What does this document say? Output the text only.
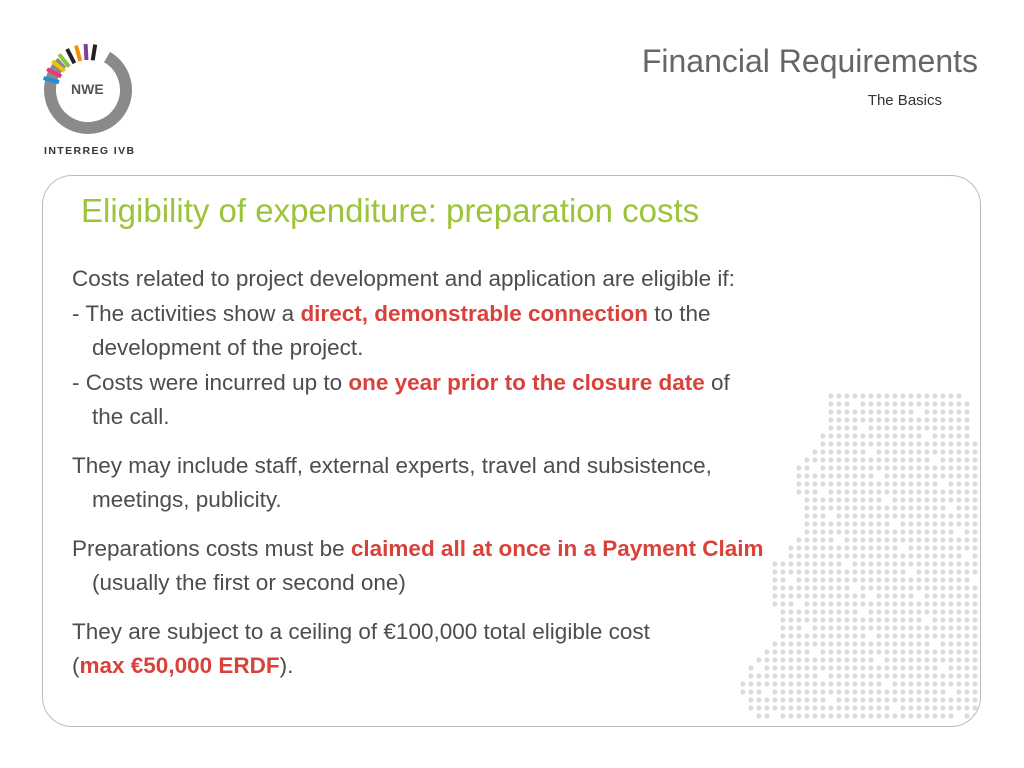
NWE
INTERREG IVB
Financial Requirements
The Basics
Eligibility of expenditure: preparation costs

Costs related to project development and application are eligible if:
- The activities show a direct, demonstrable connection to the
development of the project.
- Costs were incurred up to one year prior to the closure date of
the call.

They may include staff, external experts, travel and subsistence,
meetings, publicity.

Preparations costs must be claimed all at once in a Payment Claim
(usually the first or second one)

They are subject to a ceiling of €100,000 total eligible cost
(max €50,000 ERDF).
